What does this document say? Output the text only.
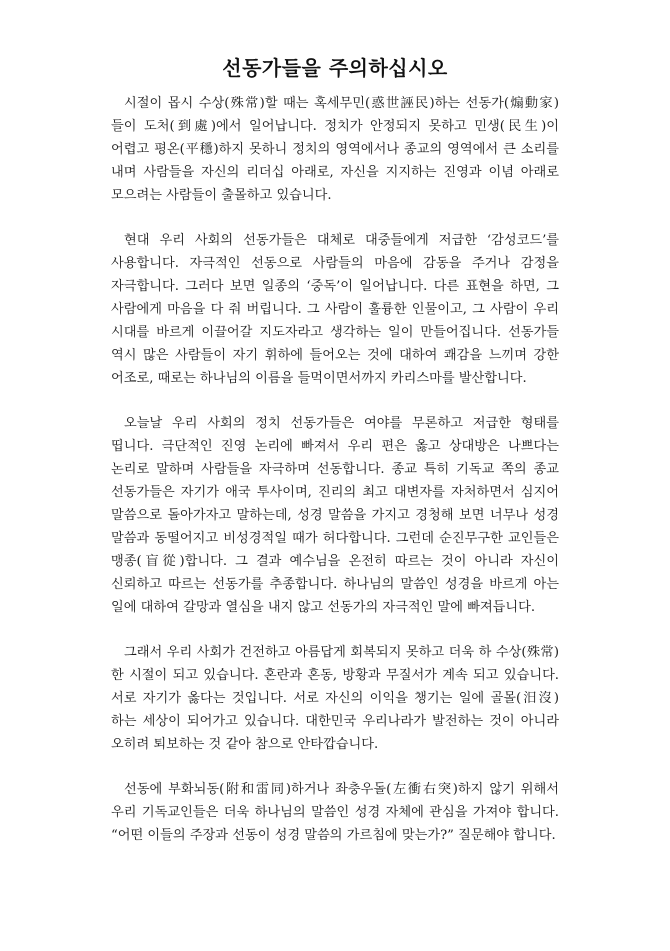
선동가들을 주의하십시오

시절이 몹시 수상(殊常)할 때는 혹세무민(惑世誣民)하는 선동가(煽動家)들이 도처(到處)에서 일어납니다. 정치가 안정되지 못하고 민생(民生)이 어렵고 평온(平穩)하지 못하니 정치의 영역에서나 종교의 영역에서 큰 소리를 내며 사람들을 자신의 리더십 아래로, 자신을 지지하는 진영과 이념 아래로 모으려는 사람들이 출몰하고 있습니다.

현대 우리 사회의 선동가들은 대체로 대중들에게 저급한 ‘감성코드’를 사용합니다. 자극적인 선동으로 사람들의 마음에 감동을 주거나 감정을 자극합니다. 그러다 보면 일종의 ‘중독’이 일어납니다. 다른 표현을 하면, 그 사람에게 마음을 다 줘 버립니다. 그 사람이 훌륭한 인물이고, 그 사람이 우리 시대를 바르게 이끌어갈 지도자라고 생각하는 일이 만들어집니다. 선동가들 역시 많은 사람들이 자기 휘하에 들어오는 것에 대하여 쾌감을 느끼며 강한 어조로, 때로는 하나님의 이름을 들먹이면서까지 카리스마를 발산합니다.

오늘날 우리 사회의 정치 선동가들은 여야를 무론하고 저급한 형태를 띱니다. 극단적인 진영 논리에 빠져서 우리 편은 옳고 상대방은 나쁘다는 논리로 말하며 사람들을 자극하며 선동합니다. 종교 특히 기독교 쪽의 종교 선동가들은 자기가 애국 투사이며, 진리의 최고 대변자를 자처하면서 심지어 말씀으로 돌아가자고 말하는데, 성경 말씀을 가지고 경청해 보면 너무나 성경 말씀과 동떨어지고 비성경적일 때가 허다합니다. 그런데 순진무구한 교인들은 맹종(盲從)합니다. 그 결과 예수님을 온전히 따르는 것이 아니라 자신이 신뢰하고 따르는 선동가를 추종합니다. 하나님의 말씀인 성경을 바르게 아는 일에 대하여 갈망과 열심을 내지 않고 선동가의 자극적인 말에 빠져듭니다.

그래서 우리 사회가 건전하고 아름답게 회복되지 못하고 더욱 하 수상(殊常)한 시절이 되고 있습니다. 혼란과 혼동, 방황과 무질서가 계속 되고 있습니다. 서로 자기가 옳다는 것입니다. 서로 자신의 이익을 챙기는 일에 골몰(汨沒)하는 세상이 되어가고 있습니다. 대한민국 우리나라가 발전하는 것이 아니라 오히려 퇴보하는 것 같아 참으로 안타깝습니다.

선동에 부화뇌동(附和雷同)하거나 좌충우돌(左衝右突)하지 않기 위해서 우리 기독교인들은 더욱 하나님의 말씀인 성경 자체에 관심을 가져야 합니다. “어떤 이들의 주장과 선동이 성경 말씀의 가르침에 맞는가?” 질문해야 합니다.
